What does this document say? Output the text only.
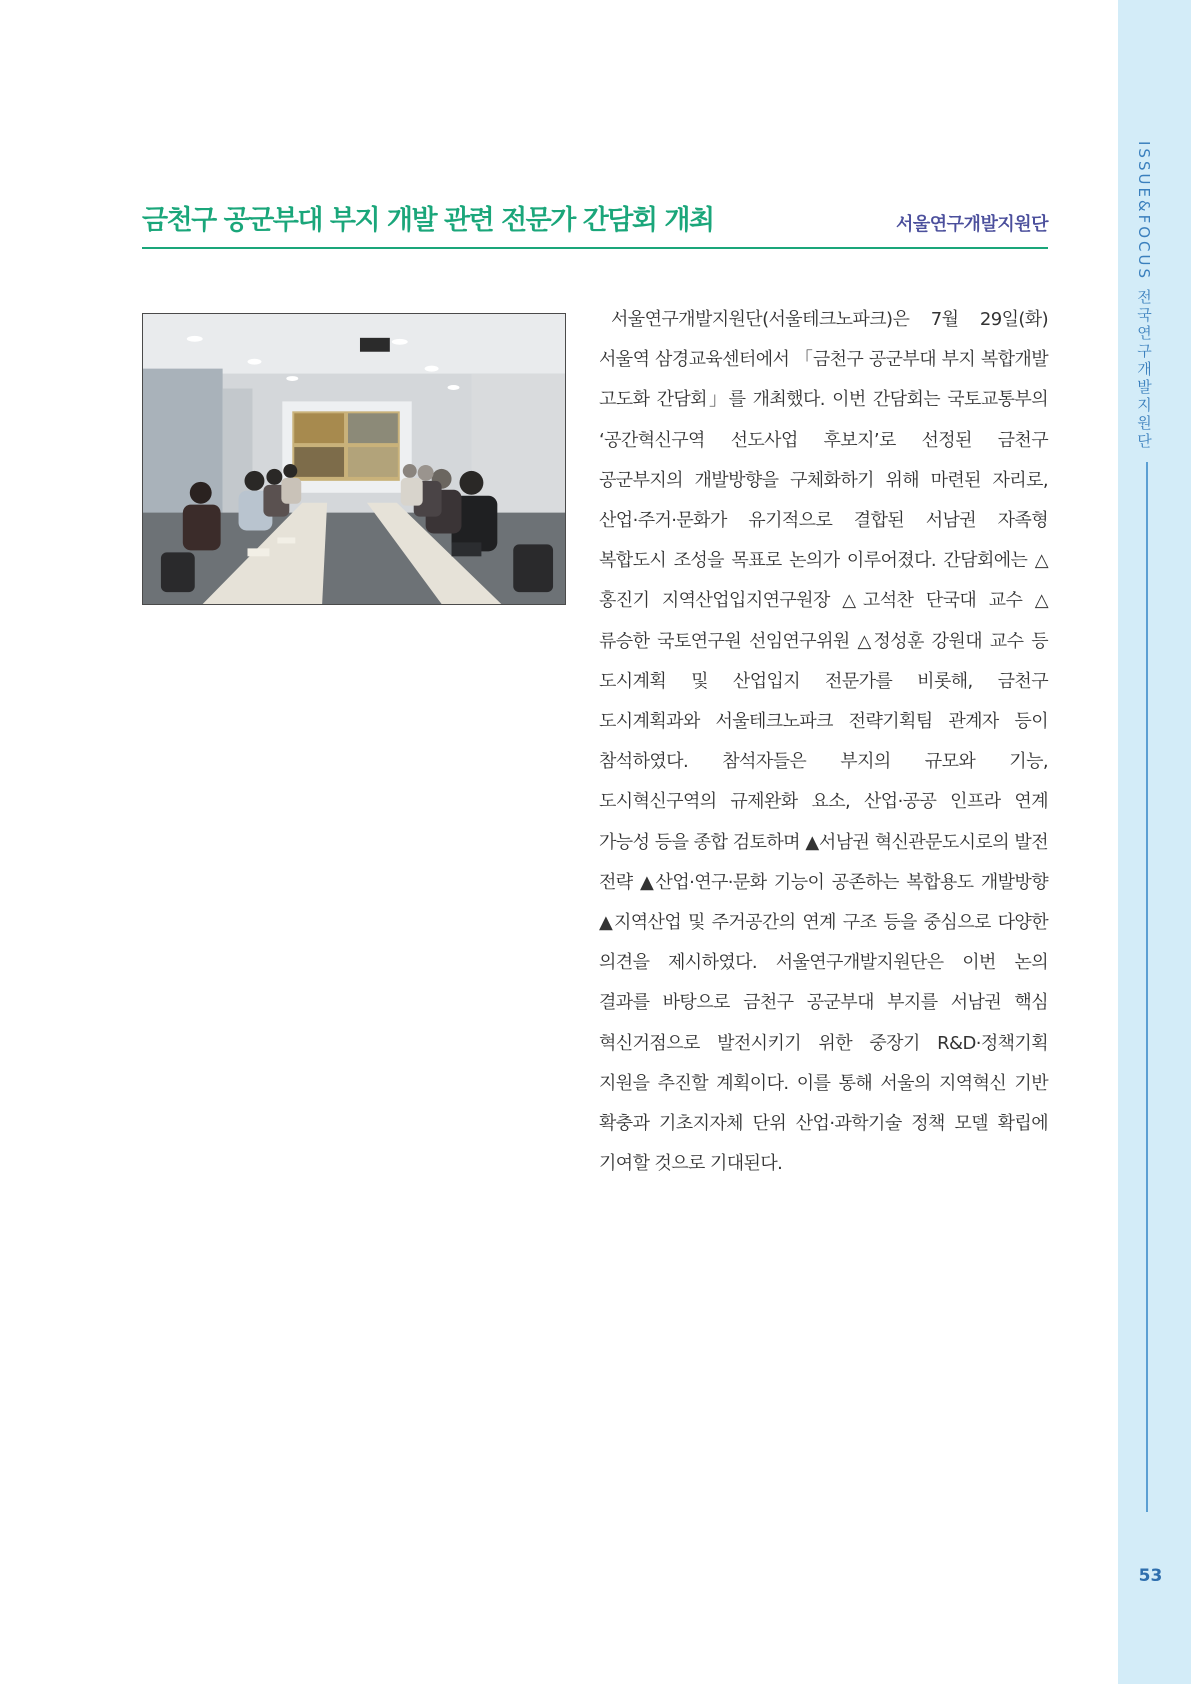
ISSUE&FOCUS 전국연구개발지원단
53
금천구 공군부대 부지 개발 관련 전문가 간담회 개최	서울연구개발지원단

서울연구개발지원단(서울테크노파크)은 7월 29일(화) 서울역 삼경교육센터에서 「금천구 공군부대 부지 복합개발 고도화 간담회」를 개최했다. 이번 간담회는 국토교통부의 ‘공간혁신구역 선도사업 후보지’로 선정된 금천구 공군부지의 개발방향을 구체화하기 위해 마련된 자리로, 산업·주거·문화가 유기적으로 결합된 서남권 자족형 복합도시 조성을 목표로 논의가 이루어졌다. 간담회에는 △홍진기 지역산업입지연구원장 △고석찬 단국대 교수 △류승한 국토연구원 선임연구위원 △정성훈 강원대 교수 등 도시계획 및 산업입지 전문가를 비롯해, 금천구 도시계획과와 서울테크노파크 전략기획팀 관계자 등이 참석하였다. 참석자들은 부지의 규모와 기능, 도시혁신구역의 규제완화 요소, 산업·공공 인프라 연계 가능성 등을 종합 검토하며 ▲서남권 혁신관문도시로의 발전 전략 ▲산업·연구·문화 기능이 공존하는 복합용도 개발방향 ▲지역산업 및 주거공간의 연계 구조 등을 중심으로 다양한 의견을 제시하였다. 서울연구개발지원단은 이번 논의 결과를 바탕으로 금천구 공군부대 부지를 서남권 핵심 혁신거점으로 발전시키기 위한 중장기 R&D·정책기획 지원을 추진할 계획이다. 이를 통해 서울의 지역혁신 기반 확충과 기초지자체 단위 산업·과학기술 정책 모델 확립에 기여할 것으로 기대된다.
